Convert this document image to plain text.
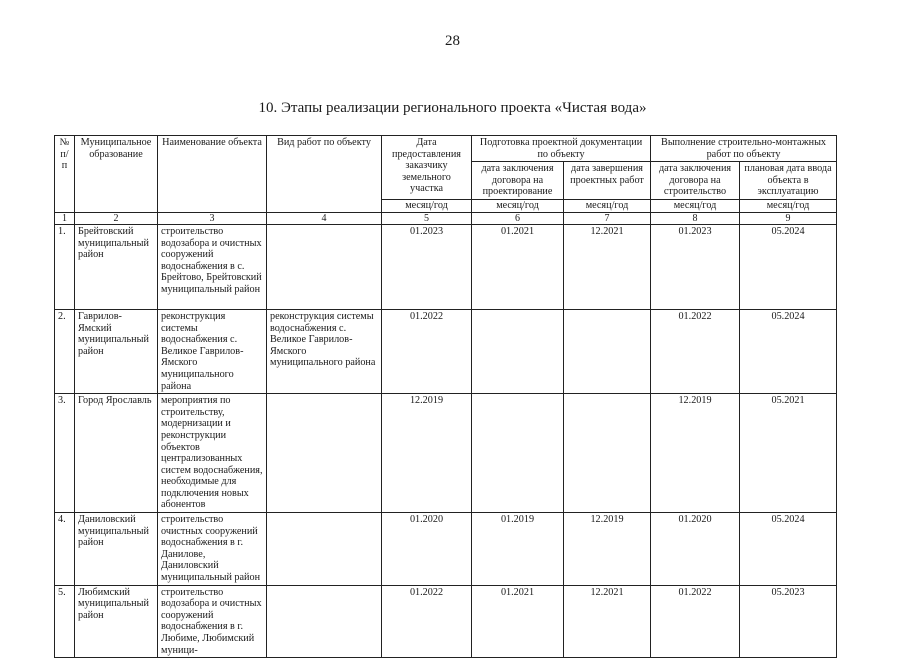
28
10. Этапы реализации регионального проекта «Чистая вода»
№ п/п	Муниципальное образование	Наименование объекта	Вид работ по объекту	Дата предоставления заказчику земельного участка	Подготовка проектной документации по объекту		Выполнение строительно-монтажных работ по объекту	
					дата заключения договора на проектирование	дата завершения проектных работ	дата заключения договора на строительство	плановая дата ввода объекта в эксплуатацию
				месяц/год	месяц/год	месяц/год	месяц/год	месяц/год
1	2	3	4	5	6	7	8	9
1.	Брейтовский муниципальный район	строительство водозабора и очистных сооружений водоснабжения в с. Брейтово, Брейтовский муниципальный район		01.2023	01.2021	12.2021	01.2023	05.2024
2.	Гаврилов-Ямский муниципальный район	реконструкция системы водоснабжения с. Великое Гаврилов-Ямского муниципального района	реконструкция системы водоснабжения с. Великое Гаврилов-Ямского муниципального района	01.2022			01.2022	05.2024
3.	Город Ярославль	мероприятия по строительству, модернизации и реконструкции объектов централизованных систем водоснабжения, необходимые для подключения новых абонентов		12.2019			12.2019	05.2021
4.	Даниловский муниципальный район	строительство очистных сооружений водоснабжения в г. Данилове, Даниловский муниципальный район		01.2020	01.2019	12.2019	01.2020	05.2024
5.	Любимский муниципальный район	строительство водозабора и очистных сооружений водоснабжения в г. Любиме, Любимский муници-		01.2022	01.2021	12.2021	01.2022	05.2023
